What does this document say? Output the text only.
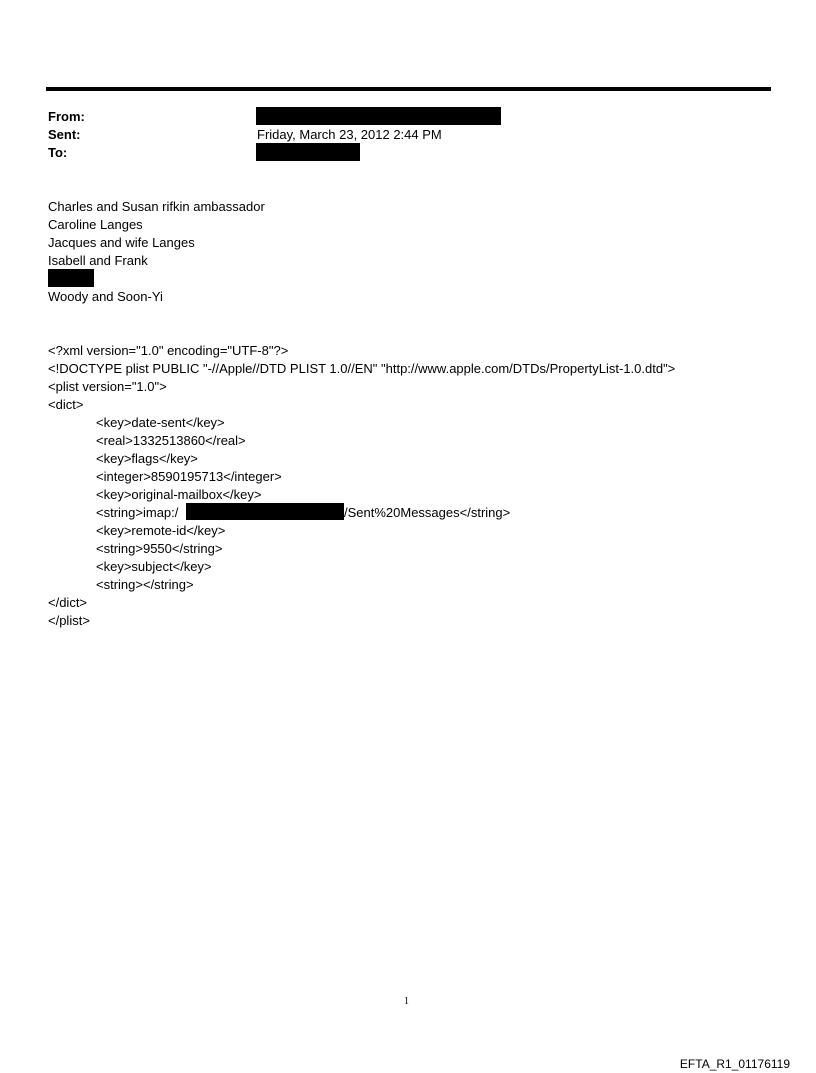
From:
Sent:	Friday, March 23, 2012 2:44 PM
To:
Charles and Susan rifkin ambassador
Caroline Langes
Jacques and wife Langes
Isabell and Frank
Woody and Soon-Yi
<?xml version="1.0" encoding="UTF-8"?>
<!DOCTYPE plist PUBLIC "-//Apple//DTD PLIST 1.0//EN" "http://www.apple.com/DTDs/PropertyList-1.0.dtd">
<plist version="1.0">
<dict>
<key>date-sent</key>
<real>1332513860</real>
<key>flags</key>
<integer>8590195713</integer>
<key>original-mailbox</key>
<string>imap:/	/Sent%20Messages</string>
<key>remote-id</key>
<string>9550</string>
<key>subject</key>
<string></string>
</dict>
</plist>
1
EFTA_R1_01176119
